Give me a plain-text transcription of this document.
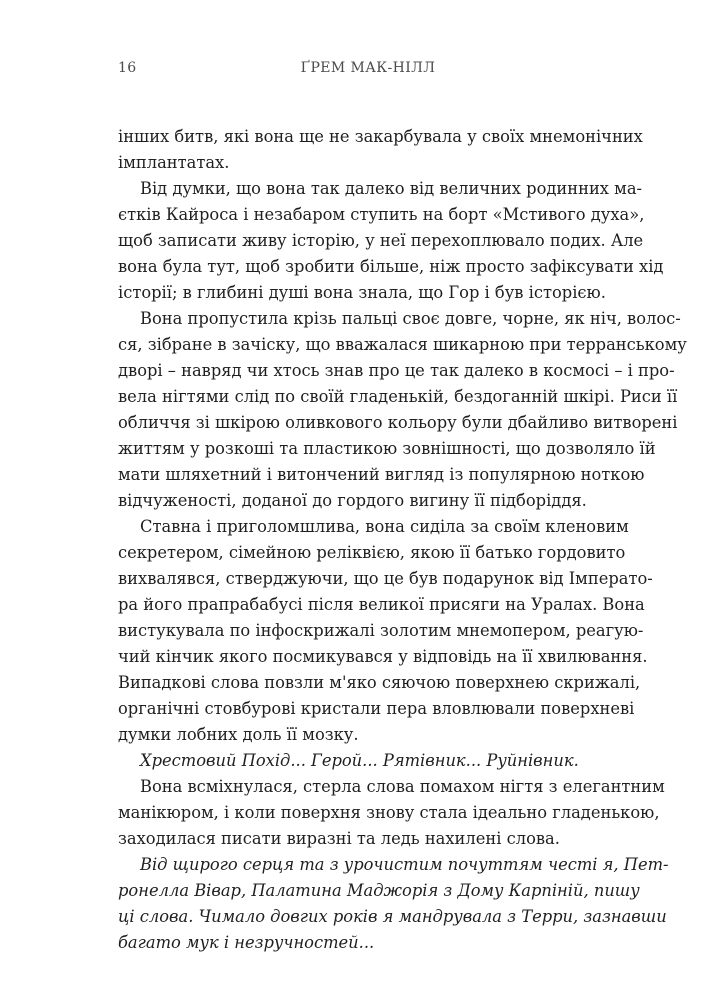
16	ҐРЕМ МАК-НІЛЛ
інших битв, які вона ще не закарбувала у своїх мнемонічних
імплантатах.
Від думки, що вона так далеко від величних родинних ма-
єтків Кайроса і незабаром ступить на борт «Мстивого духа»,
щоб записати живу історію, у неї перехоплювало подих. Але
вона була тут, щоб зробити більше, ніж просто зафіксувати хід
історії; в глибині душі вона знала, що Гор і був історією.
Вона пропустила крізь пальці своє довге, чорне, як ніч, волос-
ся, зібране в зачіску, що вважалася шикарною при терранському
дворі – навряд чи хтось знав про це так далеко в космосі – і про-
вела нігтями слід по своїй гладенькій, бездоганній шкірі. Риси її
обличчя зі шкірою оливкового кольору були дбайливо витворені
життям у розкоші та пластикою зовнішності, що дозволяло їй
мати шляхетний і витончений вигляд із популярною ноткою
відчуженості, доданої до гордого вигину її підборіддя.
Ставна і приголомшлива, вона сиділа за своїм кленовим
секретером, сімейною реліквією, якою її батько гордовито
вихвалявся, стверджуючи, що це був подарунок від Імперато-
ра його прапрабабусі після великої присяги на Уралах. Вона
вистукувала по інфоскрижалі золотим мнемопером, реагую-
чий кінчик якого посмикувався у відповідь на її хвилювання.
Випадкові слова повзли м'яко сяючою поверхнею скрижалі,
органічні стовбурові кристали пера вловлювали поверхневі
думки лобних доль її мозку.
Хрестовий Похід... Герой... Рятівник... Руйнівник.
Вона всміхнулася, стерла слова помахом нігтя з елегантним
манікюром, і коли поверхня знову стала ідеально гладенькою,
заходилася писати виразні та ледь нахилені слова.
Від щирого серця та з урочистим почуттям честі я, Пет-
ронелла Вівар, Палатина Маджорія з Дому Карпіній, пишу
ці слова. Чимало довгих років я мандрувала з Терри, зазнавши
багато мук і незручностей...
